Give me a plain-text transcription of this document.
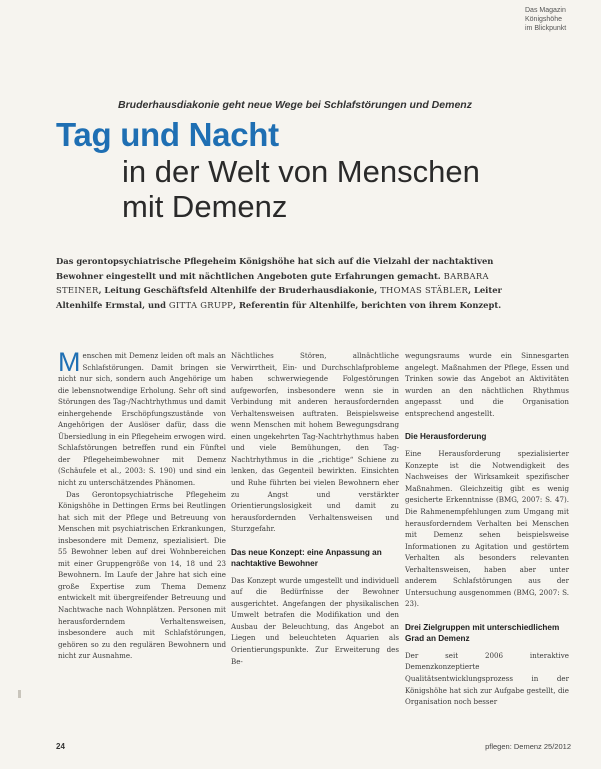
Das Magazin
Königshöhe
im Blickpunkt
Bruderhausdiakonie geht neue Wege bei Schlafstörungen und Demenz
Tag und Nacht
in der Welt von Menschen
mit Demenz
Das gerontopsychiatrische Pflegeheim Königshöhe hat sich auf die Vielzahl der nachtaktiven Bewohner eingestellt und mit nächtlichen Angeboten gute Erfahrungen gemacht. BARBARA STEINER, Leitung Geschäftsfeld Altenhilfe der Bruderhausdiakonie, THOMAS STÄBLER, Leiter Altenhilfe Ermstal, und GITTA GRUPP, Referentin für Altenhilfe, berichten von ihrem Konzept.

Menschen mit Demenz leiden oft mals an Schlafstörungen. Damit bringen sie nicht nur sich, sondern auch Angehörige um die lebensnotwendige Erholung. Sehr oft sind Störungen des Tag-/Nachtrhythmus und damit einhergehende Erschöpfungszustände von Angehörigen der Auslöser dafür, dass die Übersiedlung in ein Pflegeheim erwogen wird. Schlafstörungen betreffen rund ein Fünftel der Pflegeheimbewohner mit Demenz (Schäufele et al., 2003: S. 190) und sind ein nicht zu unterschätzendes Phänomen.

Das Gerontopsychiatrische Pflegeheim Königshöhe in Dettingen Erms bei Reutlingen hat sich mit der Pflege und Betreuung von Menschen mit psychiatrischen Erkrankungen, insbesondere mit Demenz, spezialisiert. Die 55 Bewohner leben auf drei Wohnbereichen mit einer Gruppengröße von 14, 18 und 23 Bewohnern. Im Laufe der Jahre hat sich eine große Expertise zum Thema Demenz entwickelt mit übergreifender Betreuung und Nachtwache nach Wohnplätzen. Personen mit herausforderndem Verhaltensweisen, insbesondere auch mit Schlafstörungen, gehören so zu den regulären Bewohnern und nicht zur Ausnahme.

Nächtliches Stören, allnächtliche Verwirrtheit, Ein- und Durchschlafprobleme haben schwerwiegende Folgestörungen aufgeworfen, insbesondere wenn sie in Verbindung mit anderen herausfordernden Verhaltensweisen auftraten. Beispielsweise wenn Menschen mit hohem Bewegungsdrang einen ungekehrten Tag-Nachtrhythmus haben und viele Bemühungen, den Tag-Nachtrhythmus in die „richtige“ Schiene zu lenken, das Gegenteil bewirkten. Einsichten und Ruhe führten bei vielen Bewohnern eher zu Angst und verstärkter Orientierungslosigkeit und damit zu herausfordernden Verhaltensweisen und Sturzgefahr.

Das neue Konzept: eine Anpassung an nachtaktive Bewohner

Das Konzept wurde umgestellt und individuell auf die Bedürfnisse der Bewohner ausgerichtet. Angefangen der physikalischen Umwelt betrafen die Modifikation und den Ausbau der Beleuchtung, das Angebot an Liegen und beleuchteten Aquarien als Orientierungspunkte. Zur Erweiterung des Be-

wegungsraums wurde ein Sinnesgarten angelegt. Maßnahmen der Pflege, Essen und Trinken sowie das Angebot an Aktivitäten wurden an den nächtlichen Rhythmus angepasst und die Organisation entsprechend angestellt.

Die Herausforderung

Eine Herausforderung spezialisierter Konzepte ist die Notwendigkeit des Nachweises der Wirksamkeit spezifischer Maßnahmen. Gleichzeitig gibt es wenig gesicherte Erkenntnisse (BMG, 2007: S. 47). Die Rahmenempfehlungen zum Umgang mit herausforderndem Verhalten bei Menschen mit Demenz sehen beispielsweise Informationen zu Agitation und gestörtem Verhalten als besonders relevanten Verhaltensweisen, haben aber unter anderem Schlafstörungen aus der Untersuchung ausgenommen (BMG, 2007: S. 23).

Drei Zielgruppen mit unterschiedlichem Grad an Demenz

Der seit 2006 interaktive Demenzkonzeptierte Qualitätsentwicklungsprozess in der Königshöhe hat sich zur Aufgabe gestellt, die Organisation noch besser

24	pflegen: Demenz 25/2012
